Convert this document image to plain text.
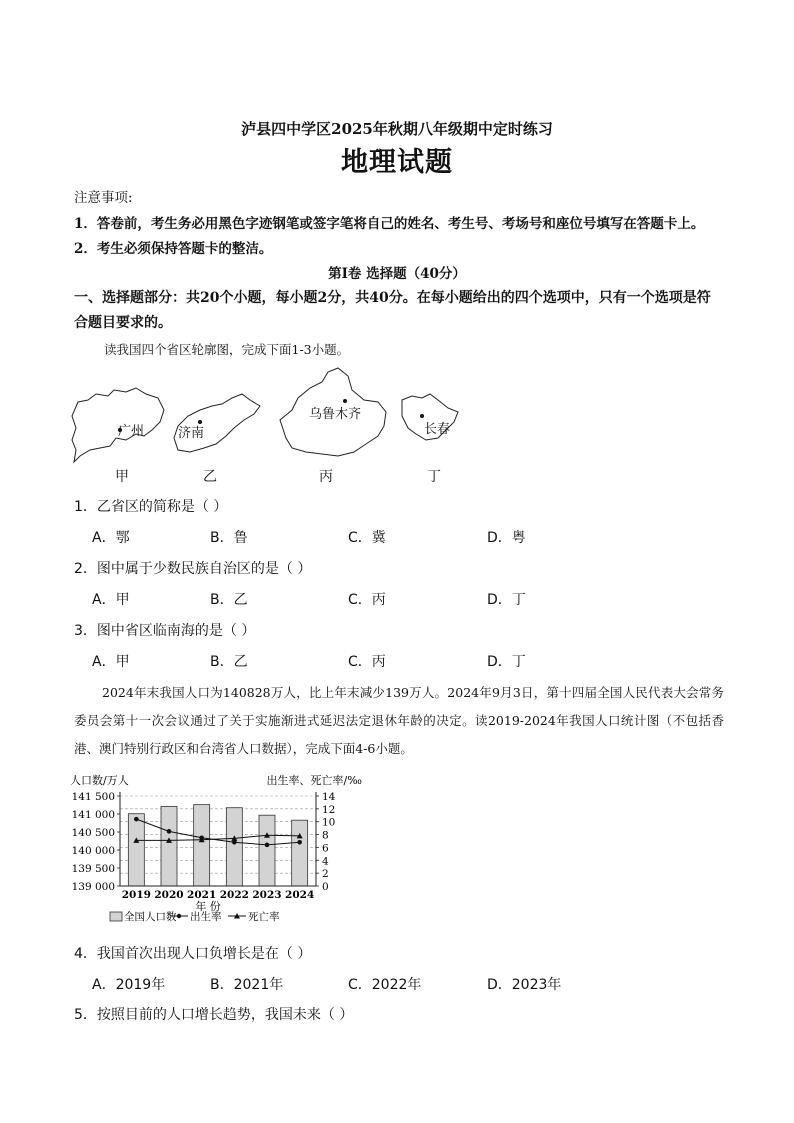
泸县四中学区2025年秋期八年级期中定时练习
地理试题
注意事项:
1．答卷前，考生务必用黑色字迹钢笔或签字笔将自己的姓名、考生号、考场号和座位号填写在答题卡上。
2．考生必须保持答题卡的整洁。
第Ⅰ卷 选择题（40分）
一、选择题部分：共20个小题，每小题2分，共40分。在每小题给出的四个选项中，只有一个选项是符合题目要求的。
读我国四个省区轮廓图，完成下面1-3小题。
广州	济南
乌鲁木齐
长春
甲	乙	丙	丁
1．乙省区的简称是（ ）
A．鄂	B．鲁	C．冀	D．粤
2．图中属于少数民族自治区的是（ ）
A．甲	B．乙	C．丙	D．丁
3．图中省区临南海的是（ ）
A．甲	B．乙	C．丙	D．丁
2024年末我国人口为140828万人，比上年末减少139万人。2024年9月3日，第十四届全国人民代表大会常务委员会第十一次会议通过了关于实施渐进式延迟法定退休年龄的决定。读2019-2024年我国人口统计图（不包括香港、澳门特别行政区和台湾省人口数据），完成下面4-6小题。
人口数/万人	出生率、死亡率/‰
139 000
139 500
140 000
140 500
141 000
141 500
0
2
4
6
8
10
12
14
2019 2020 2021 2022 2023 2024
年 份
全国人口数 出生率	死亡率
4．我国首次出现人口负增长是在（ ）
A．2019年	B．2021年	C．2022年	D．2023年
5．按照目前的人口增长趋势，我国未来（ ）
